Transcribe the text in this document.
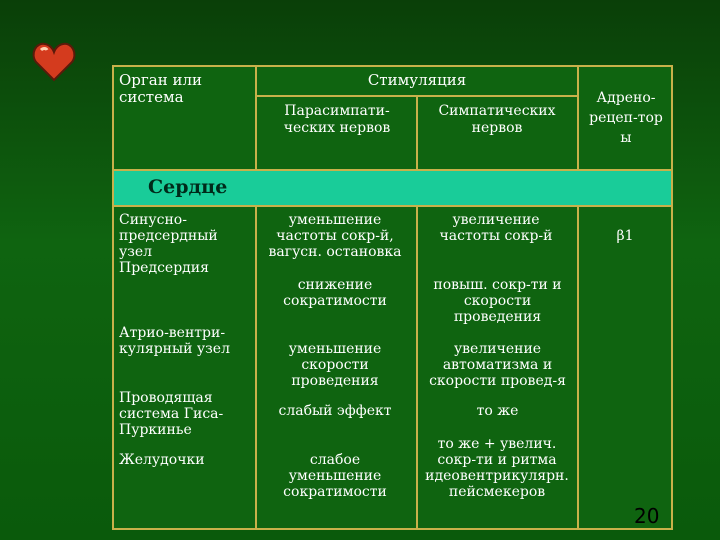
Орган или система
Стимуляция
Парасимпати-ческих нервов
Симпатических нервов
Адрено-рецеп-тор ы
Сердце
Синусно-предсердный узел
Предсердия
Атрио-вентри-кулярный узел
Проводящая система Гиса-Пуркинье
Желудочки
уменьшение частоты сокр-й, вагусн. остановка
снижение сократимости
уменьшение скорости проведения
слабый эффект
слабое уменьшение сократимости
увеличение частоты сокр-й
повыш. сокр-ти и скорости проведения
увеличение автоматизма и скорости провед-я
то же
то же + увелич. сокр-ти и ритма идеовентрикулярн. пейсмекеров
β1
20
